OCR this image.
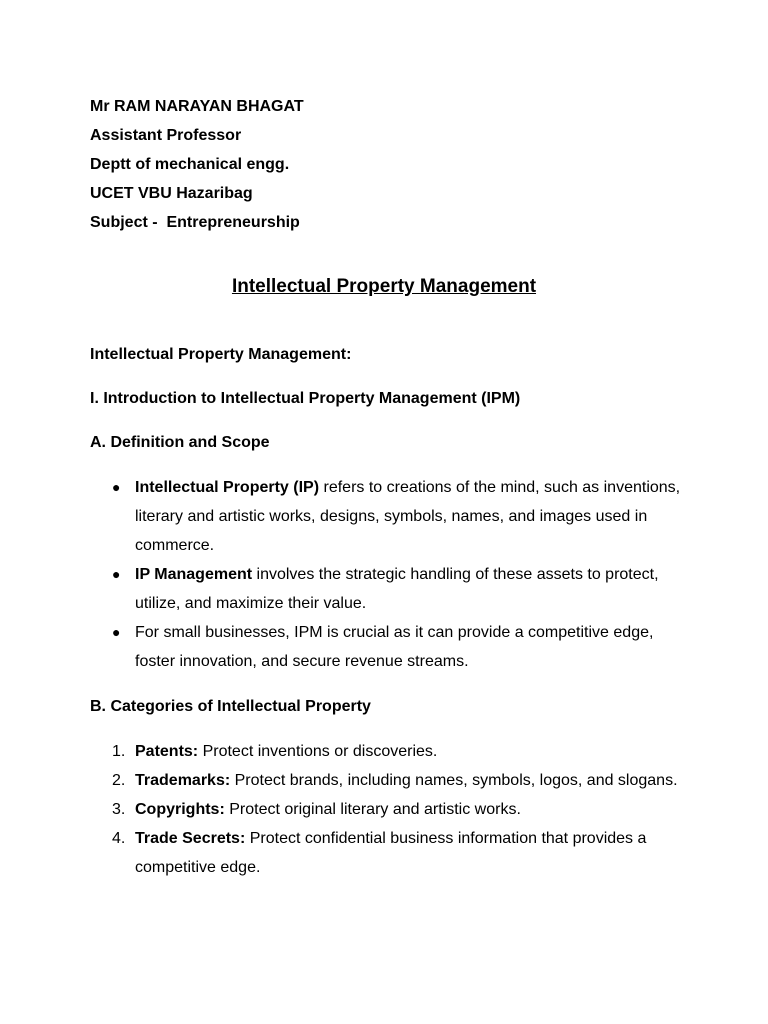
Mr RAM NARAYAN BHAGAT
Assistant Professor
Deptt of mechanical engg.
UCET VBU Hazaribag
Subject -  Entrepreneurship
Intellectual Property Management
Intellectual Property Management:
I. Introduction to Intellectual Property Management (IPM)
A. Definition and Scope
● Intellectual Property (IP) refers to creations of the mind, such as inventions, literary and artistic works, designs, symbols, names, and images used in commerce.
● IP Management involves the strategic handling of these assets to protect, utilize, and maximize their value.
● For small businesses, IPM is crucial as it can provide a competitive edge, foster innovation, and secure revenue streams.
B. Categories of Intellectual Property
1. Patents: Protect inventions or discoveries.
2. Trademarks: Protect brands, including names, symbols, logos, and slogans.
3. Copyrights: Protect original literary and artistic works.
4. Trade Secrets: Protect confidential business information that provides a competitive edge.
